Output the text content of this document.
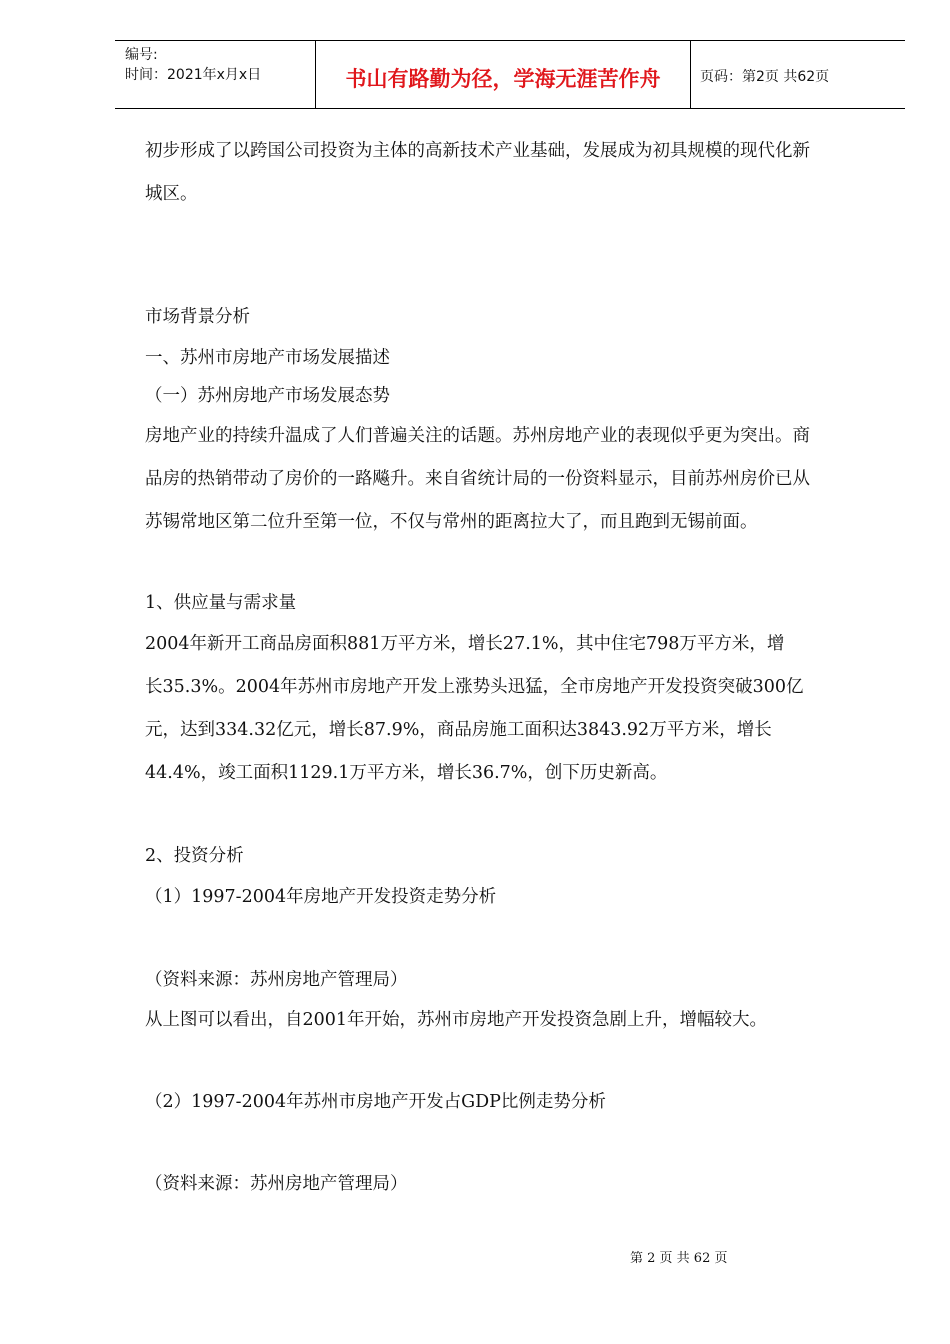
编号:
时间：2021年x月x日	书山有路勤为径，学海无涯苦作舟	页码：第2页 共62页
初步形成了以跨国公司投资为主体的高新技术产业基础，发展成为初具规模的现代化新
城区。
市场背景分析
一、苏州市房地产市场发展描述
（一）苏州房地产市场发展态势
房地产业的持续升温成了人们普遍关注的话题。苏州房地产业的表现似乎更为突出。商
品房的热销带动了房价的一路飚升。来自省统计局的一份资料显示，目前苏州房价已从
苏锡常地区第二位升至第一位，不仅与常州的距离拉大了，而且跑到无锡前面。
1、供应量与需求量
2004年新开工商品房面积881万平方米，增长27.1%，其中住宅798万平方米，增
长35.3%。2004年苏州市房地产开发上涨势头迅猛，全市房地产开发投资突破300亿
元，达到334.32亿元，增长87.9%，商品房施工面积达3843.92万平方米，增长
44.4%，竣工面积1129.1万平方米，增长36.7%，创下历史新高。
2、投资分析
（1）1997-2004年房地产开发投资走势分析
（资料来源：苏州房地产管理局）
从上图可以看出，自2001年开始，苏州市房地产开发投资急剧上升，增幅较大。
（2）1997-2004年苏州市房地产开发占GDP比例走势分析
（资料来源：苏州房地产管理局）
第 2 页 共 62 页
